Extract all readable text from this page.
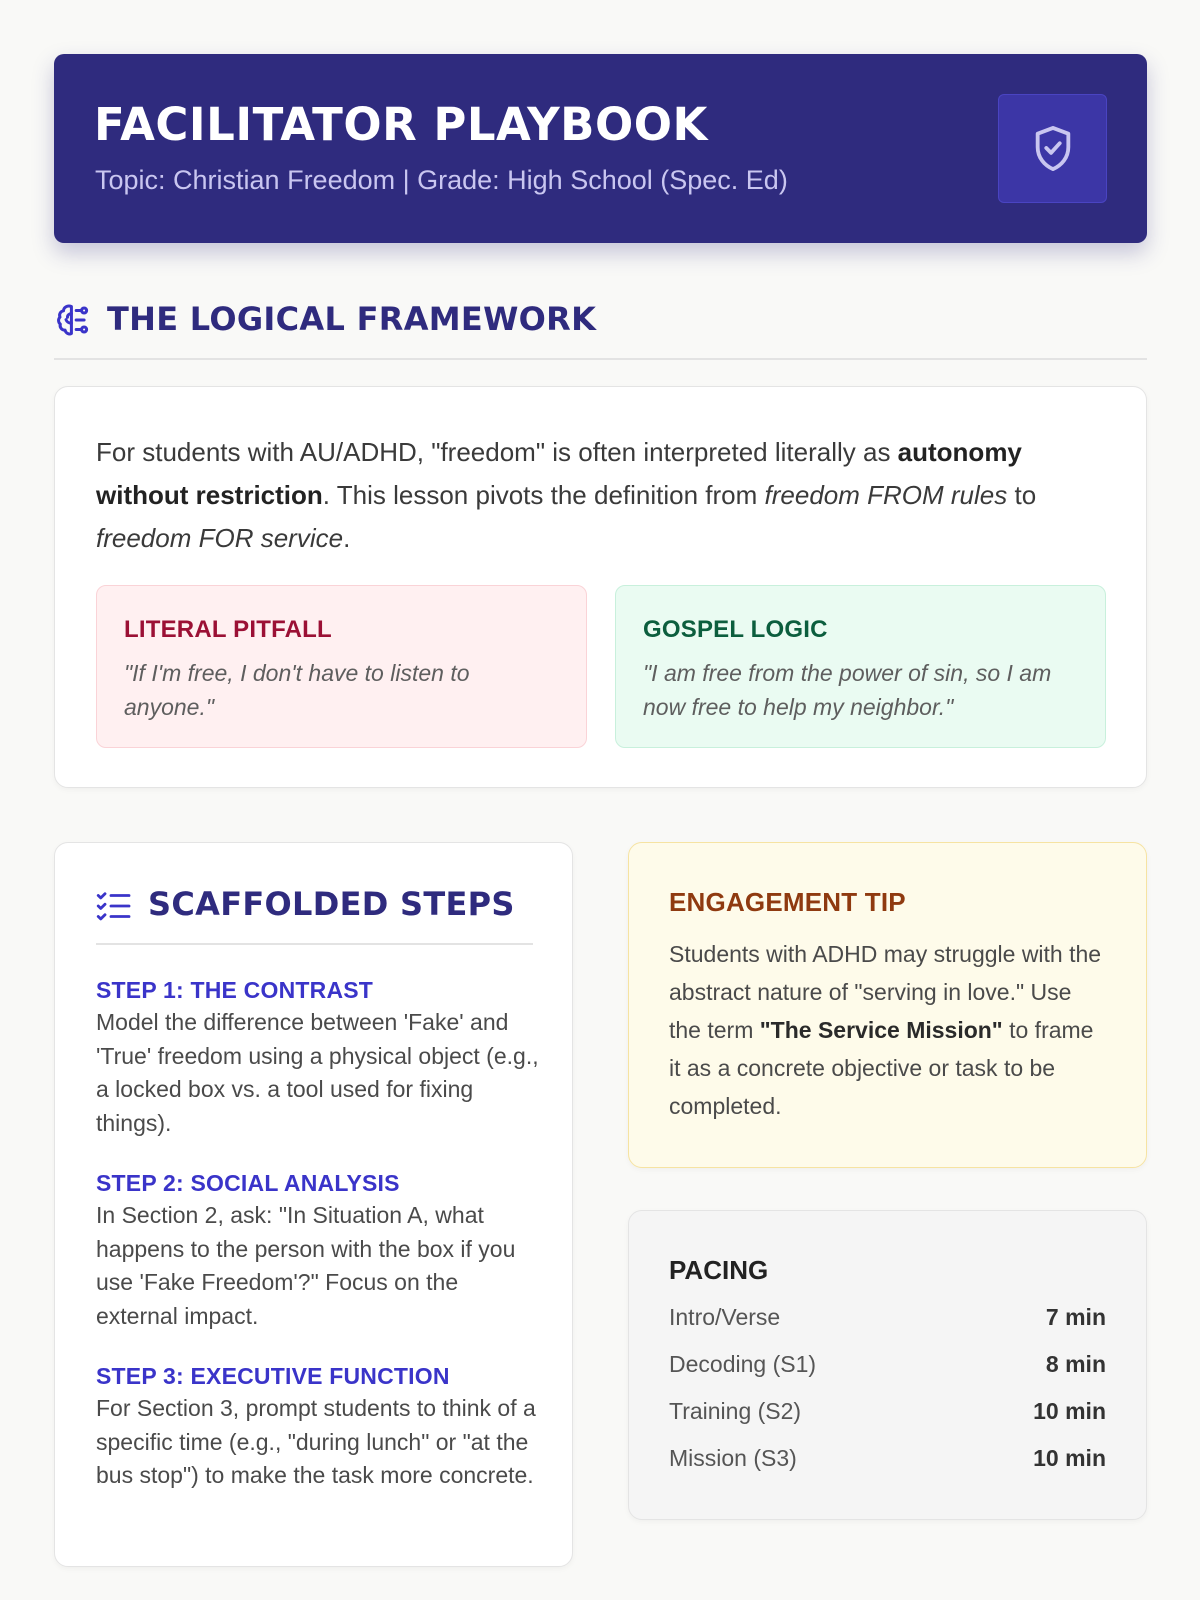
FACILITATOR PLAYBOOK
Topic: Christian Freedom | Grade: High School (Spec. Ed)
THE LOGICAL FRAMEWORK

For students with AU/ADHD, "freedom" is often interpreted literally as autonomy without restriction. This lesson pivots the definition from freedom FROM rules to freedom FOR service.

LITERAL PITFALL
"If I'm free, I don't have to listen to anyone."
GOSPEL LOGIC
"I am free from the power of sin, so I am now free to help my neighbor."
SCAFFOLDED STEPS
STEP 1: THE CONTRAST
Model the difference between 'Fake' and 'True' freedom using a physical object (e.g., a locked box vs. a tool used for fixing things).
STEP 2: SOCIAL ANALYSIS
In Section 2, ask: "In Situation A, what happens to the person with the box if you use 'Fake Freedom'?" Focus on the external impact.
STEP 3: EXECUTIVE FUNCTION
For Section 3, prompt students to think of a specific time (e.g., "during lunch" or "at the bus stop") to make the task more concrete.
ENGAGEMENT TIP

Students with ADHD may struggle with the abstract nature of "serving in love." Use the term "The Service Mission" to frame it as a concrete objective or task to be completed.

PACING
Intro/Verse	7 min
Decoding (S1)	8 min
Training (S2)	10 min
Mission (S3)	10 min
